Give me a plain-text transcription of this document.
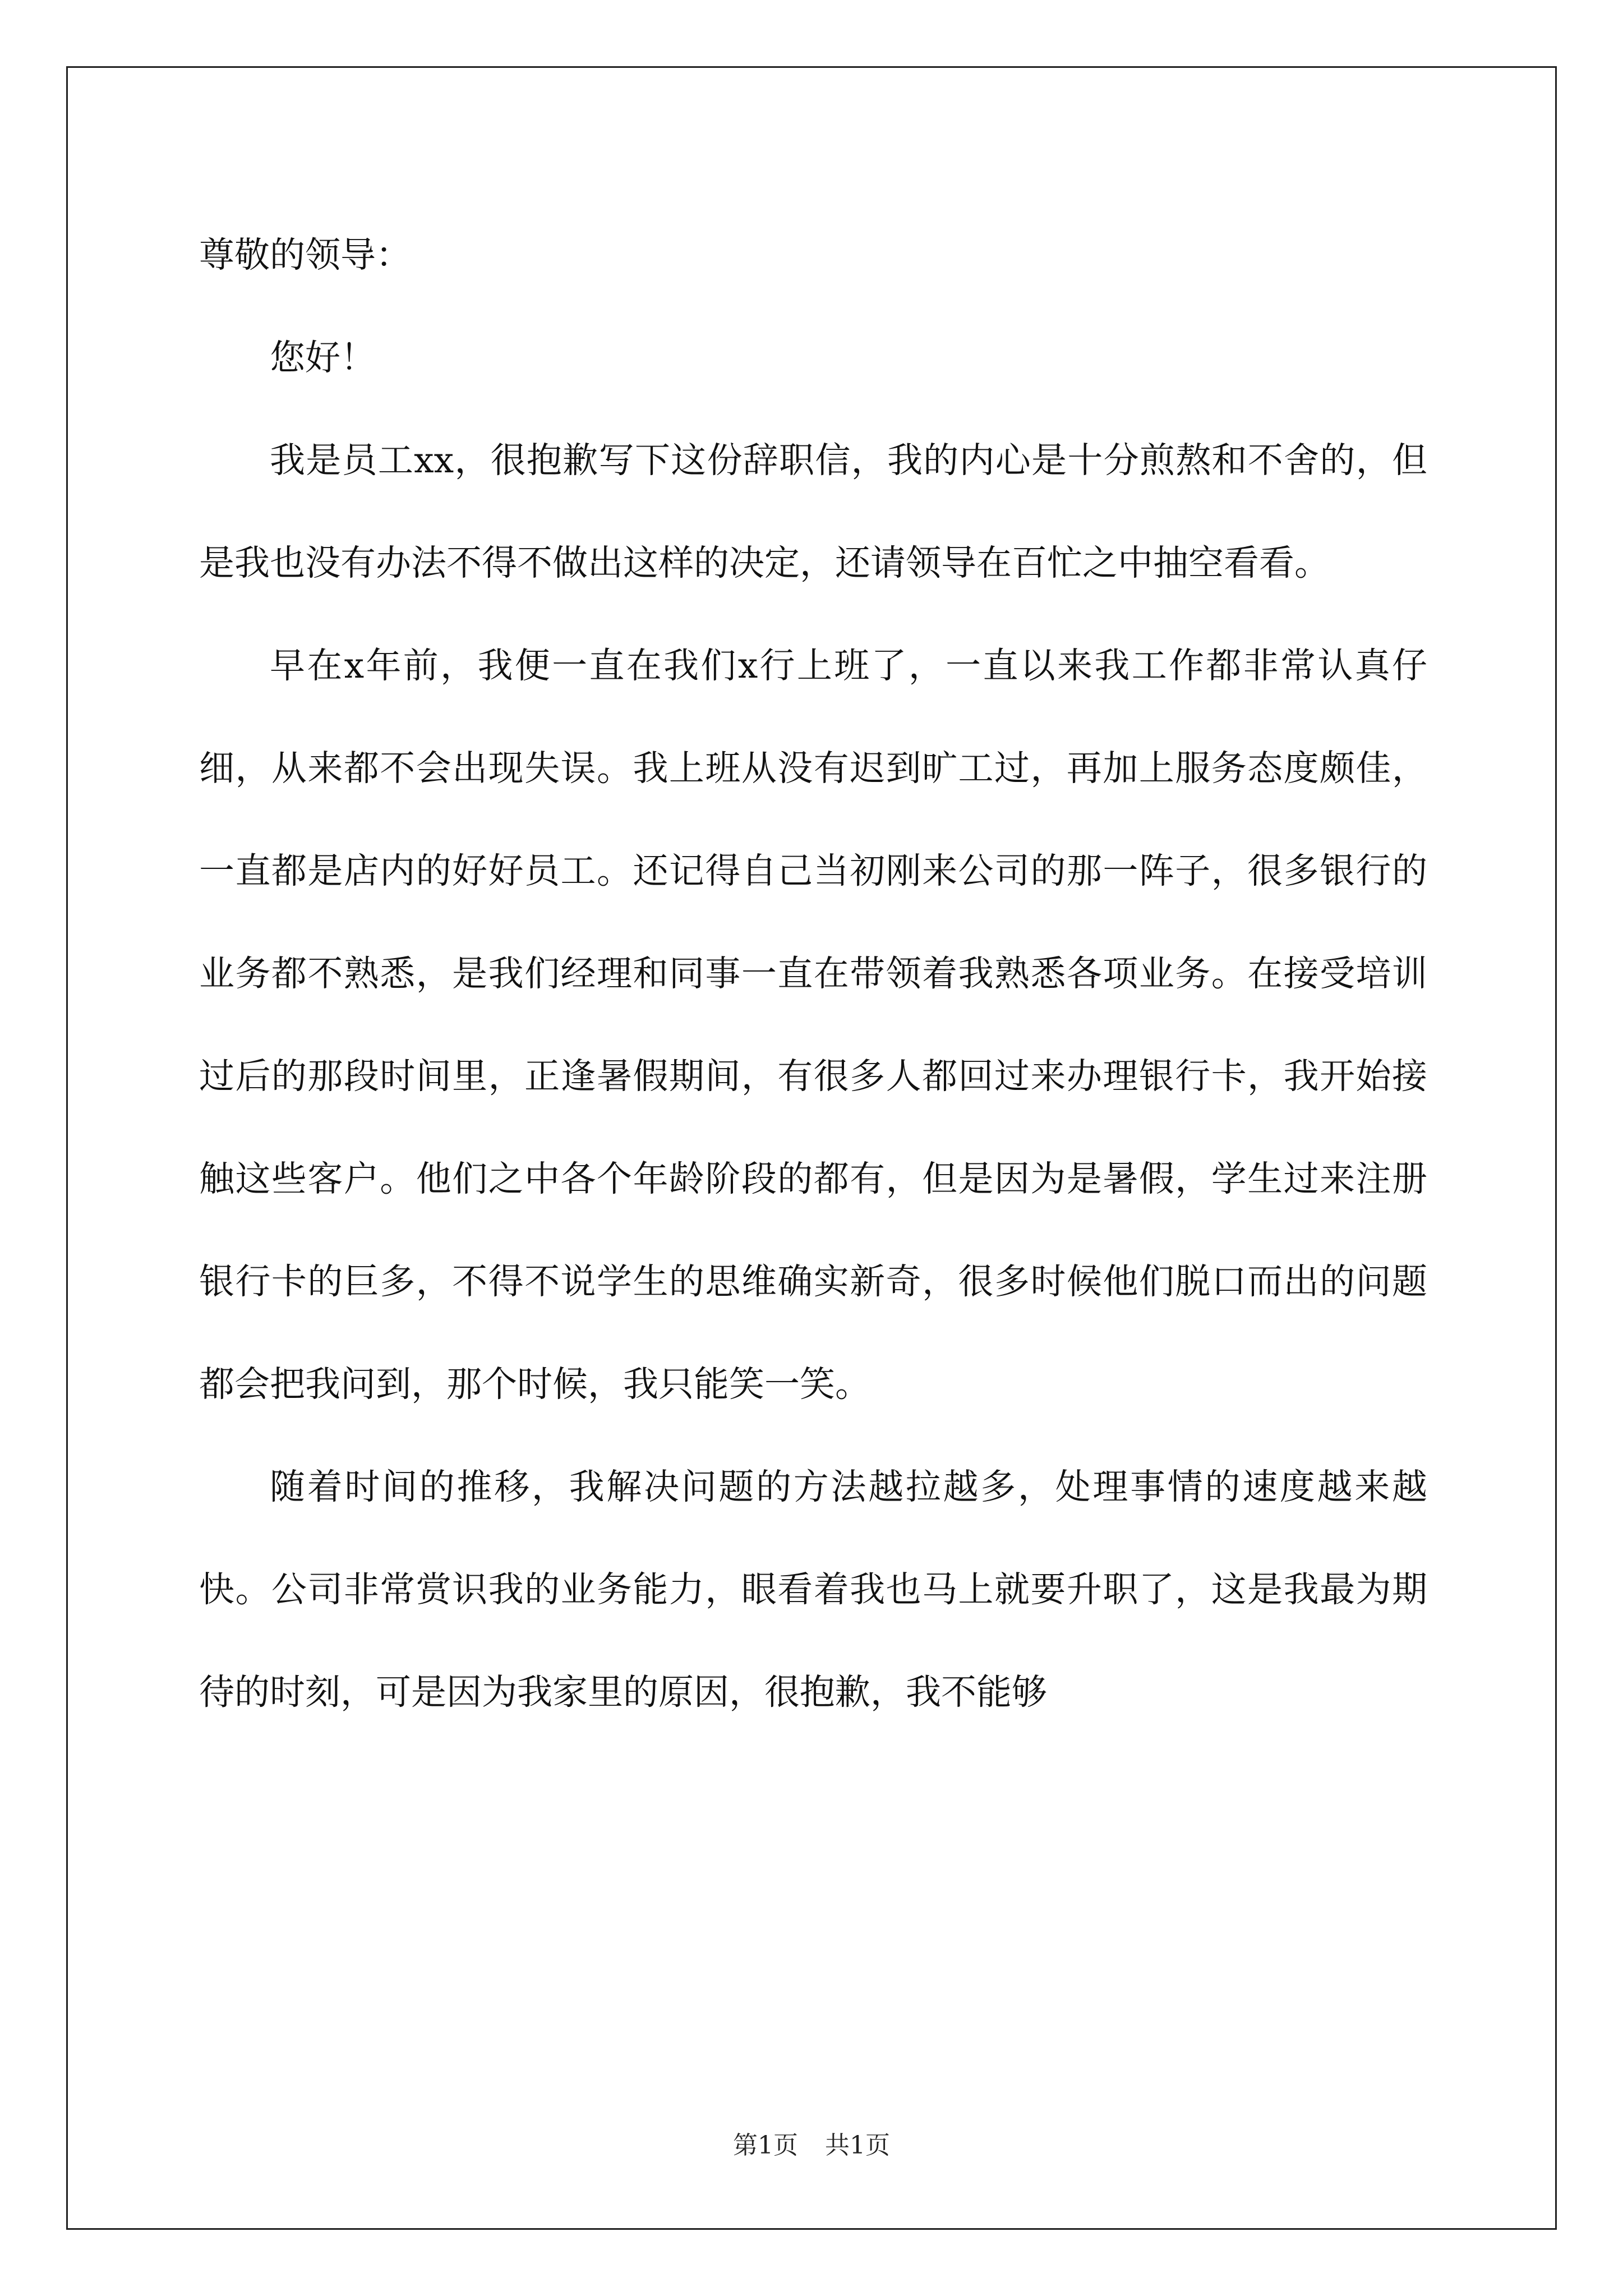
尊敬的领导：

您好！

我是员工xx，很抱歉写下这份辞职信，我的内心是十分煎熬和不舍的，但是我也没有办法不得不做出这样的决定，还请领导在百忙之中抽空看看。

早在x年前，我便一直在我们x行上班了，一直以来我工作都非常认真仔细，从来都不会出现失误。我上班从没有迟到旷工过，再加上服务态度颇佳，一直都是店内的好好员工。还记得自己当初刚来公司的那一阵子，很多银行的业务都不熟悉，是我们经理和同事一直在带领着我熟悉各项业务。在接受培训过后的那段时间里，正逢暑假期间，有很多人都回过来办理银行卡，我开始接触这些客户。他们之中各个年龄阶段的都有，但是因为是暑假，学生过来注册银行卡的巨多，不得不说学生的思维确实新奇，很多时候他们脱口而出的问题都会把我问到，那个时候，我只能笑一笑。

随着时间的推移，我解决问题的方法越拉越多，处理事情的速度越来越快。公司非常赏识我的业务能力，眼看着我也马上就要升职了，这是我最为期待的时刻，可是因为我家里的原因，很抱歉，我不能够

第1页 共1页
